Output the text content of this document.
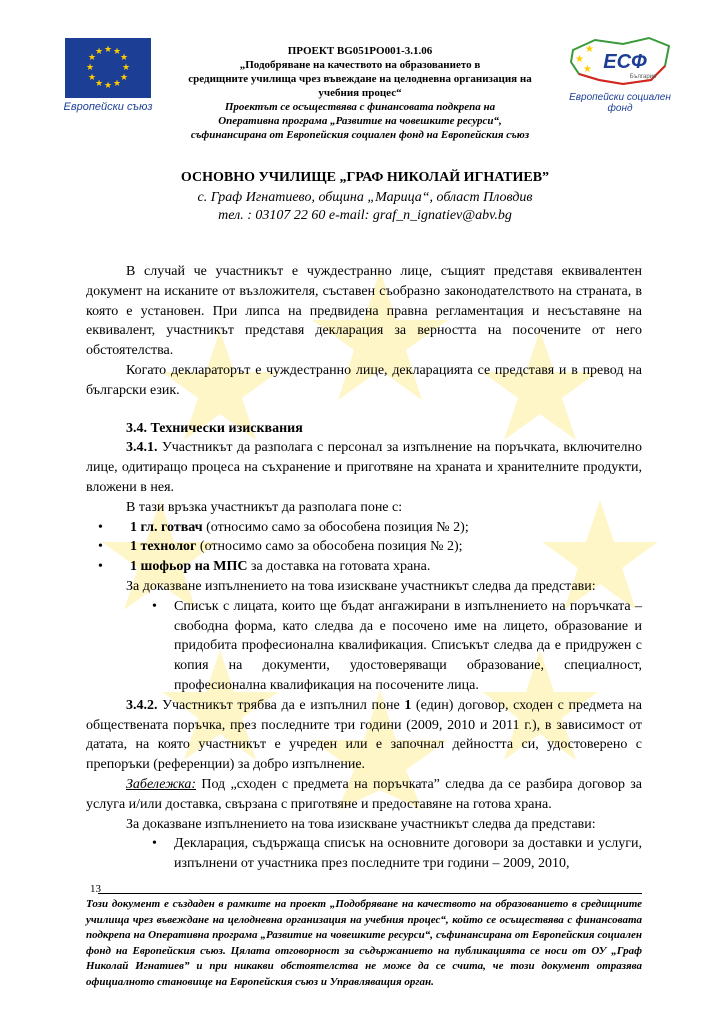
★ ★
★
★
★
★
★
★
★
★
★
★
Европейски съюз
★
★
★ ЕСФ
България
Европейски социален фонд
ПРОЕКТ BG051PO001-3.1.06
„Подобряване на качеството на образованието в
средищните училища чрез въвеждане на целодневна организация на
учебния процес“
Проектът се осъществява с финансовата подкрепа на
Оперативна програма „Развитие на човешките ресурси“,
съфинансирана от Европейския социален фонд на Европейския съюз
ОСНОВНО УЧИЛИЩЕ „ГРАФ НИКОЛАЙ ИГНАТИЕВ”
с. Граф Игнатиево, община „Марица“, област Пловдив
тел. : 03107 22 60 e-mail: graf_n_ignatiev@abv.bg

В случай че участникът е чуждестранно лице, същият представя еквивалентен документ на исканите от възложителя, съставен съобразно законодателството на страната, в която е установен. При липса на предвидена правна регламентация и несъставяне на еквивалент, участникът представя декларация за верността на посочените от него обстоятелства.

Когато деклараторът е чуждестранно лице, декларацията се представя и в превод на български език.

3.4. Технически изисквания

3.4.1. Участникът да разполага с персонал за изпълнение на поръчката, включително лице, одитиращо процеса на съхранение и приготвяне на храната и хранителните продукти, вложени в нея.

В тази връзка участникът да разполага поне с:

• 1 гл. готвач (относимо само за обособена позиция № 2);

• 1 технолог (относимо само за обособена позиция № 2);

• 1 шофьор на МПС за доставка на готовата храна.

За доказване изпълнението на това изискване участникът следва да представи:

• Списък с лицата, които ще бъдат ангажирани в изпълнението на поръчката – свободна форма, като следва да е посочено име на лицето, образование и придобита професионална квалификация. Списъкът следва да е придружен с копия на документи, удостоверяващи образование, специалност, професионална квалификация на посочените лица.

3.4.2. Участникът трябва да е изпълнил поне 1 (един) договор, сходен с предмета на обществената поръчка, през последните три години (2009, 2010 и 2011 г.), в зависимост от датата, на която участникът е учреден или е започнал дейността си, удостоверено с препоръки (референции) за добро изпълнение.

Забележка: Под „сходен с предмета на поръчката” следва да се разбира договор за услуга и/или доставка, свързана с приготвяне и предоставяне на готова храна.

За доказване изпълнението на това изискване участникът следва да представи:

• Декларация, съдържаща списък на основните договори за доставки и услуги, изпълнени от участника през последните три години – 2009, 2010,

13
Този документ е създаден в рамките на проект „Подобряване на качеството на образованието в средищните училища чрез въвеждане на целодневна организация на учебния процес“, който се осъществява с финансовата подкрепа на Оперативна програма „Развитие на човешките ресурси“, съфинансирана от Европейския социален фонд на Европейския съюз. Цялата отговорност за съдържанието на публикацията се носи от ОУ „Граф Николай Игнатиев” и при никакви обстоятелства не може да се счита, че този документ отразява официалното становище на Европейския съюз и Управляващия орган.
